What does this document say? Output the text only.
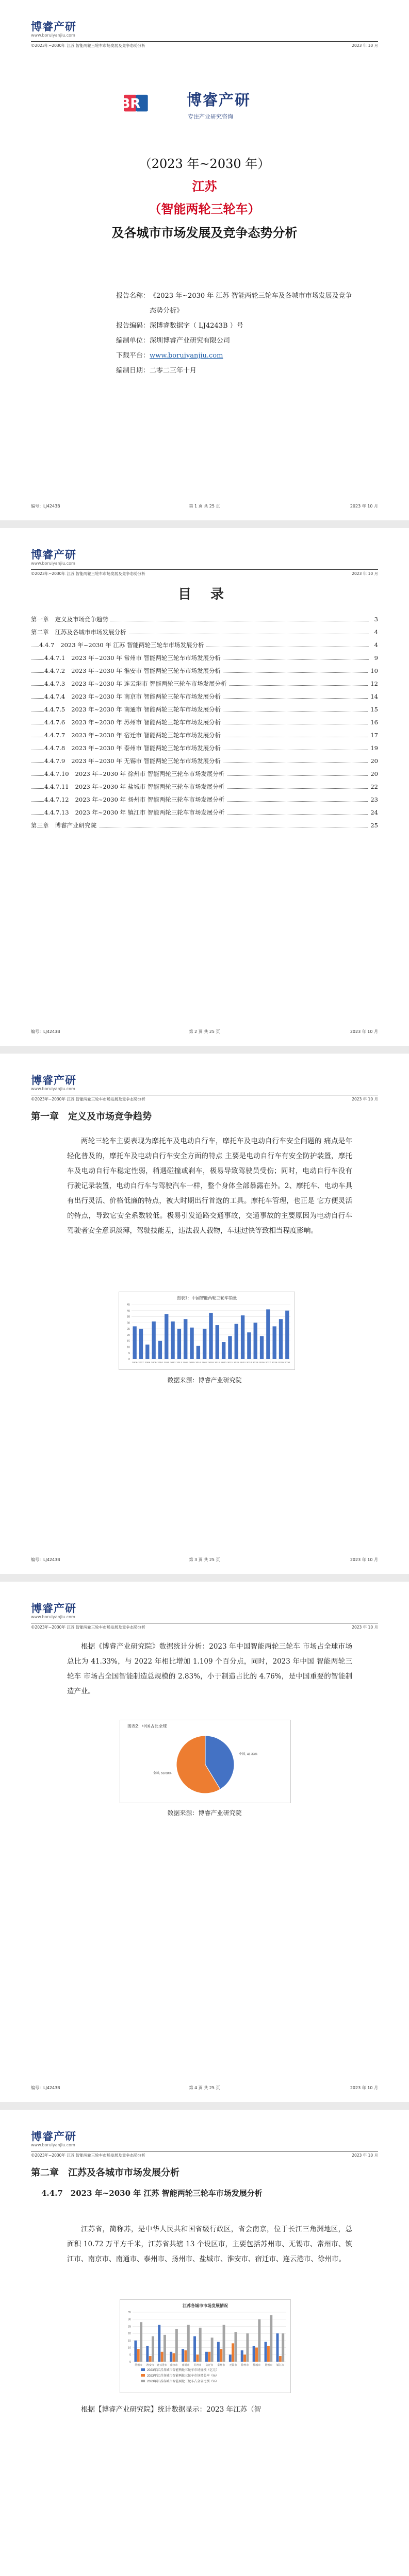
博睿产研
www.boruiyanjiu.com
©2023年~2030年 江苏 智能两轮三轮车市场发展及竞争态势分析	2023 年 10 月
BR	博睿产研
专注产业研究咨询
（2023 年~2030 年）
江苏
（智能两轮三轮车）
及各城市市场发展及竞争态势分析
报告名称： 《2023 年~2030 年 江苏 智能两轮三轮车及各城市市场发展及竞争态势分析》
报告编码： 深博睿数据字（ LJ4243B ）号
编制单位： 深圳博睿产业研究有限公司
下载平台： www.boruiyanjiu.com
编制日期： 二零二三年十月
编号：LJ4243B	第 1 页 共 25 页	2023 年 10 月
博睿产研
www.boruiyanjiu.com
©2023年~2030年 江苏 智能两轮三轮车市场发展及竞争态势分析	2023 年 10 月
目 录
第一章 定义及市场竞争趋势	3
第二章 江苏及各城市市场发展分析	4
4.4.7 2023 年~2030 年 江苏 智能两轮三轮车市场发展分析	4
4.4.7.1 2023 年~2030 年 常州市 智能两轮三轮车市场发展分析	9
4.4.7.2 2023 年~2030 年 淮安市 智能两轮三轮车市场发展分析	10
4.4.7.3 2023 年~2030 年 连云港市 智能两轮三轮车市场发展分析	12
4.4.7.4 2023 年~2030 年 南京市 智能两轮三轮车市场发展分析	14
4.4.7.5 2023 年~2030 年 南通市 智能两轮三轮车市场发展分析	15
4.4.7.6 2023 年~2030 年 苏州市 智能两轮三轮车市场发展分析	16
4.4.7.7 2023 年~2030 年 宿迁市 智能两轮三轮车市场发展分析	17
4.4.7.8 2023 年~2030 年 泰州市 智能两轮三轮车市场发展分析	19
4.4.7.9 2023 年~2030 年 无锡市 智能两轮三轮车市场发展分析	20
4.4.7.10 2023 年~2030 年 徐州市 智能两轮三轮车市场发展分析	20
4.4.7.11 2023 年~2030 年 盐城市 智能两轮三轮车市场发展分析	22
4.4.7.12 2023 年~2030 年 扬州市 智能两轮三轮车市场发展分析	23
4.4.7.13 2023 年~2030 年 镇江市 智能两轮三轮车市场发展分析	24
第三章 博睿产业研究院	25
编号：LJ4243B	第 2 页 共 25 页	2023 年 10 月
博睿产研
www.boruiyanjiu.com
©2023年~2030年 江苏 智能两轮三轮车市场发展及竞争态势分析	2023 年 10 月
第一章　定义及市场竞争趋势
两轮三轮车主要表现为摩托车及电动自行车，摩托车及电动自行车安全问题的 痛点是年轻化普及的，摩托车及电动自行车安全方面的特点 主要是电动自行车有安全防护装置，摩托车及电动自行车稳定性弱，稍遇碰撞或刹车，极易导致驾驶员受伤；同时，电动自行车没有行驶记录装置，电动自行车与驾驶汽车一样，整个身体全部暴露在外。2、摩托车、电动车具有出行灵活、价格低廉的特点，被大时期出行首选的工具。摩托车管理，也正是 它方便灵活的特点，导致它安全系数较低。极易引发道路交通事故，交通事故的主要原因为电动自行车驾驶者安全意识淡薄，驾驶技能差，违法载人载物，车速过快等致相当程度影响。
图表1：中国智能两轮三轮车销量
0
5
10
15
20
25
30
35
40
45
2006 2007 2008 2009 2010 2011 2012 2013 2014 2015 2016 2017 2018 2019 2020 2021 2022 2023 2024 2025 2026 2027 2028 2029 2030
数据来源：博睿产业研究院
编号：LJ4243B	第 3 页 共 25 页	2023 年 10 月
博睿产研
www.boruiyanjiu.com
©2023年~2030年 江苏 智能两轮三轮车市场发展及竞争态势分析	2023 年 10 月
根据《博睿产业研究院》数据统计分析：2023 年中国智能两轮三轮车 市场占全球市场总比为 41.33%，与 2022 年相比增加 1.109 个百分点，同时，2023 年中国 智能两轮三轮车 市场占全国智能制造总规模的 2.83%，小于制造占比的 4.76%，是中国重要的智能制造产业。
图表2：中国占比全球
中国, 41.33%
全球, 58.68%
数据来源：博睿产业研究院
编号：LJ4243B	第 4 页 共 25 页	2023 年 10 月
博睿产研
www.boruiyanjiu.com
©2023年~2030年 江苏 智能两轮三轮车市场发展及竞争态势分析	2023 年 10 月
第二章　江苏及各城市市场发展分析
4.4.7　2023 年~2030 年 江苏 智能两轮三轮车市场发展分析
江苏省，简称苏，是中华人民共和国省级行政区，省会南京，位于长江三角洲地区，总面积 10.72 万平方千米，江苏省共辖 13 个设区市，主要包括苏州市、无锡市、常州市、镇江市、南京市、南通市、泰州市、扬州市、盐城市、淮安市、宿迁市、连云港市、徐州市。
江苏各城市市场发展情况
0
5
10
15
20
25
30
35
常州市 淮安市 连云港市 南京市 南通市 苏州市 宿迁市 泰州市 无锡市 徐州市 盐城市 扬州市 镇江市
2023年江苏各城市智能两轮三轮车市场规模（亿元）
2023年江苏各城市智能两轮三轮车市场增长率（%）
2023年江苏各城市智能两轮三轮车占全省比例（%）
根据【博睿产业研究院】统计数据显示：2023 年江苏（智
